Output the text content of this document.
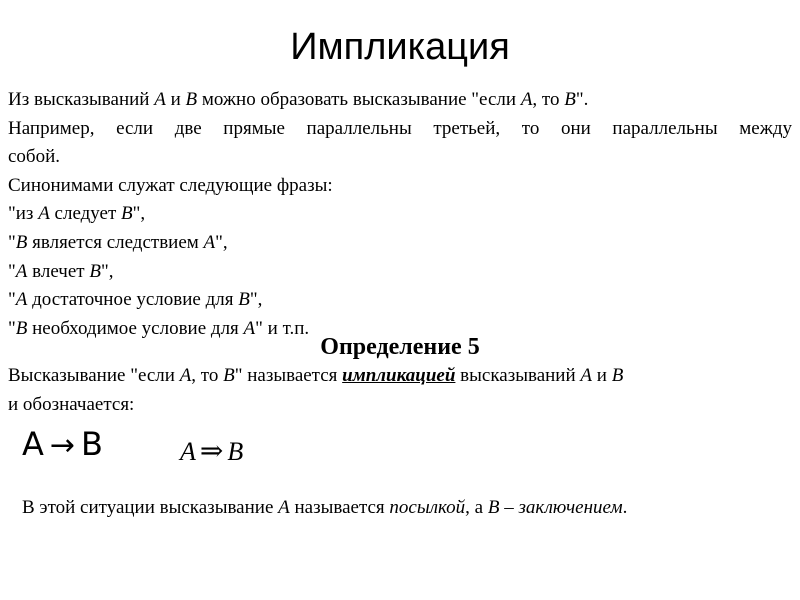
Импликация
Из высказываний A и B можно образовать высказывание "если A, то B".
Например, если две прямые параллельны третьей, то они параллельны между
собой.
Синонимами служат следующие фразы:
"из A следует B",
"B является следствием A",
"A влечет B",
"A достаточное условие для B",
"B необходимое условие для A" и т.п.
Определение 5
Высказывание "если A, то B" называется импликацией высказываний A и B
и обозначается:
A → B	A ⇒ B
В этой ситуации высказывание A называется посылкой, а B – заключением.
